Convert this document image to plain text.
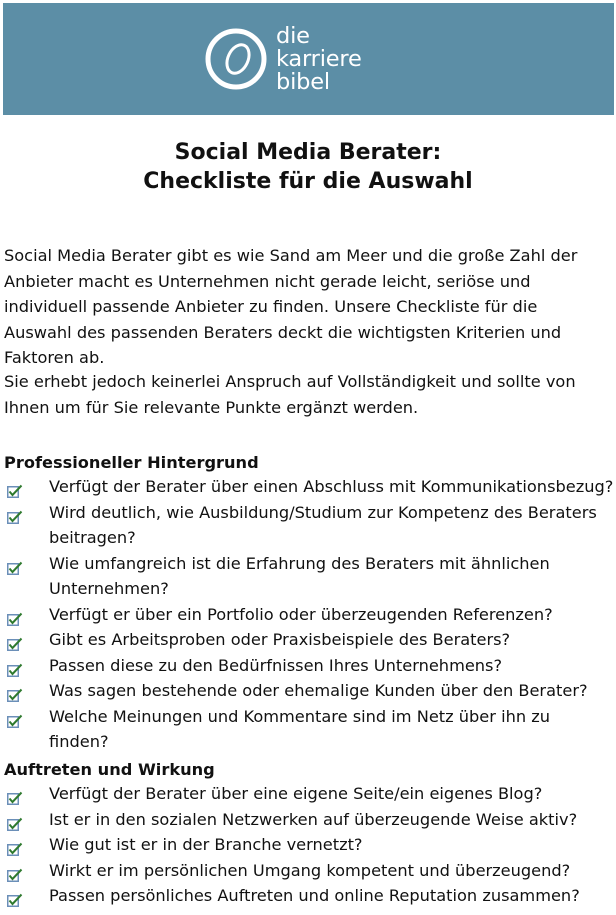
die
karriere
bibel
Social Media Berater:
Checkliste für die Auswahl

Social Media Berater gibt es wie Sand am Meer und die große Zahl der Anbieter macht es Unternehmen nicht gerade leicht, seriöse und individuell passende Anbieter zu finden. Unsere Checkliste für die Auswahl des passenden Beraters deckt die wichtigsten Kriterien und Faktoren ab.

Sie erhebt jedoch keinerlei Anspruch auf Vollständigkeit und sollte von Ihnen um für Sie relevante Punkte ergänzt werden.

Professioneller Hintergrund
Verfügt der Berater über einen Abschluss mit Kommunikationsbezug?
Wird deutlich, wie Ausbildung/Studium zur Kompetenz des Beraters beitragen?
Wie umfangreich ist die Erfahrung des Beraters mit ähnlichen Unternehmen?
Verfügt er über ein Portfolio oder überzeugenden Referenzen?
Gibt es Arbeitsproben oder Praxisbeispiele des Beraters?
Passen diese zu den Bedürfnissen Ihres Unternehmens?
Was sagen bestehende oder ehemalige Kunden über den Berater?
Welche Meinungen und Kommentare sind im Netz über ihn zu finden?
Auftreten und Wirkung
Verfügt der Berater über eine eigene Seite/ein eigenes Blog?
Ist er in den sozialen Netzwerken auf überzeugende Weise aktiv?
Wie gut ist er in der Branche vernetzt?
Wirkt er im persönlichen Umgang kompetent und überzeugend?
Passen persönliches Auftreten und online Reputation zusammen?
